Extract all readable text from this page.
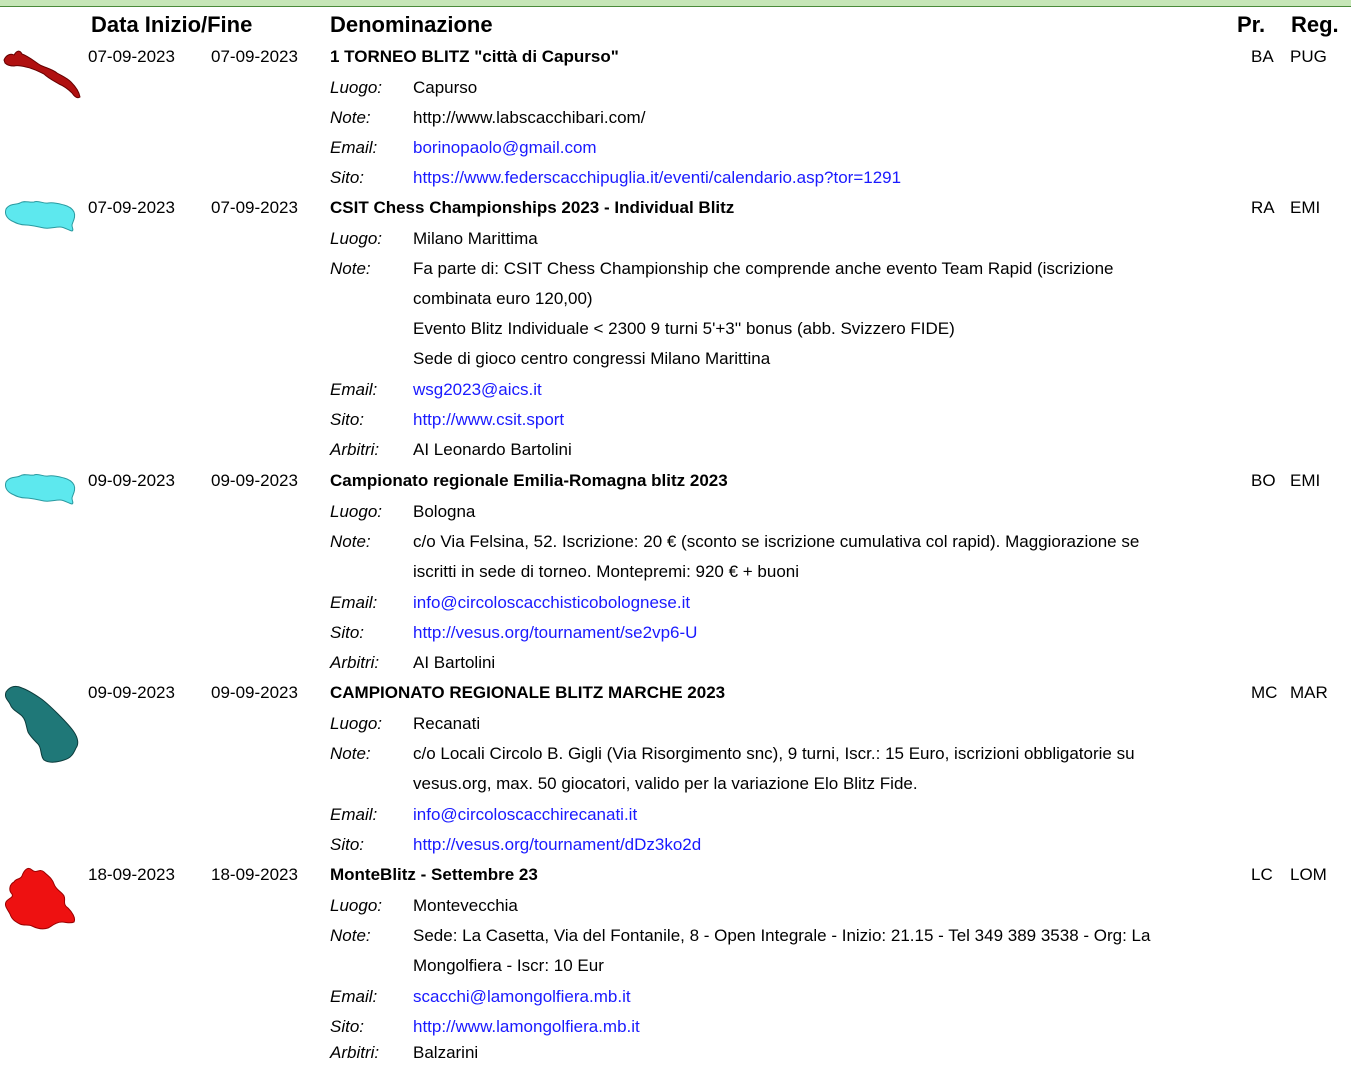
Data Inizio/Fine	Denominazione	Pr. Reg.
07-09-2023 07-09-2023 1 TORNEO BLITZ "città di Capurso"	BA PUG
Luogo: Capurso
Note: http://www.labscacchibari.com/
Email: borinopaolo@gmail.com
Sito:	https://www.federscacchipuglia.it/eventi/calendario.asp?tor=1291
07-09-2023 07-09-2023 CSIT Chess Championships 2023 - Individual Blitz	RA EMI
Luogo: Milano Marittima
Note: Fa parte di: CSIT Chess Championship che comprende anche evento Team Rapid (iscrizione
combinata euro 120,00)
Evento Blitz Individuale < 2300 9 turni 5'+3'' bonus (abb. Svizzero FIDE)
Sede di gioco centro congressi Milano Marittina
Email: wsg2023@aics.it
Sito:	http://www.csit.sport
Arbitri: AI Leonardo Bartolini
09-09-2023 09-09-2023 Campionato regionale Emilia-Romagna blitz 2023	BO EMI
Luogo: Bologna
Note: c/o Via Felsina, 52. Iscrizione: 20 € (sconto se iscrizione cumulativa col rapid). Maggiorazione se
iscritti in sede di torneo. Montepremi: 920 € + buoni
Email: info@circoloscacchisticobolognese.it
Sito:	http://vesus.org/tournament/se2vp6-U
Arbitri: AI Bartolini
09-09-2023 09-09-2023 CAMPIONATO REGIONALE BLITZ MARCHE 2023	MC MAR
Luogo: Recanati
Note: c/o Locali Circolo B. Gigli (Via Risorgimento snc), 9 turni, Iscr.: 15 Euro, iscrizioni obbligatorie su
vesus.org, max. 50 giocatori, valido per la variazione Elo Blitz Fide.
Email: info@circoloscacchirecanati.it
Sito:	http://vesus.org/tournament/dDz3ko2d
18-09-2023 18-09-2023 MonteBlitz - Settembre 23	LC LOM
Luogo: Montevecchia
Note: Sede: La Casetta, Via del Fontanile, 8 - Open Integrale - Inizio: 21.15 - Tel 349 389 3538 - Org: La
Mongolfiera - Iscr: 10 Eur
Email: scacchi@lamongolfiera.mb.it
Sito:	http://www.lamongolfiera.mb.it
Arbitri: Balzarini
